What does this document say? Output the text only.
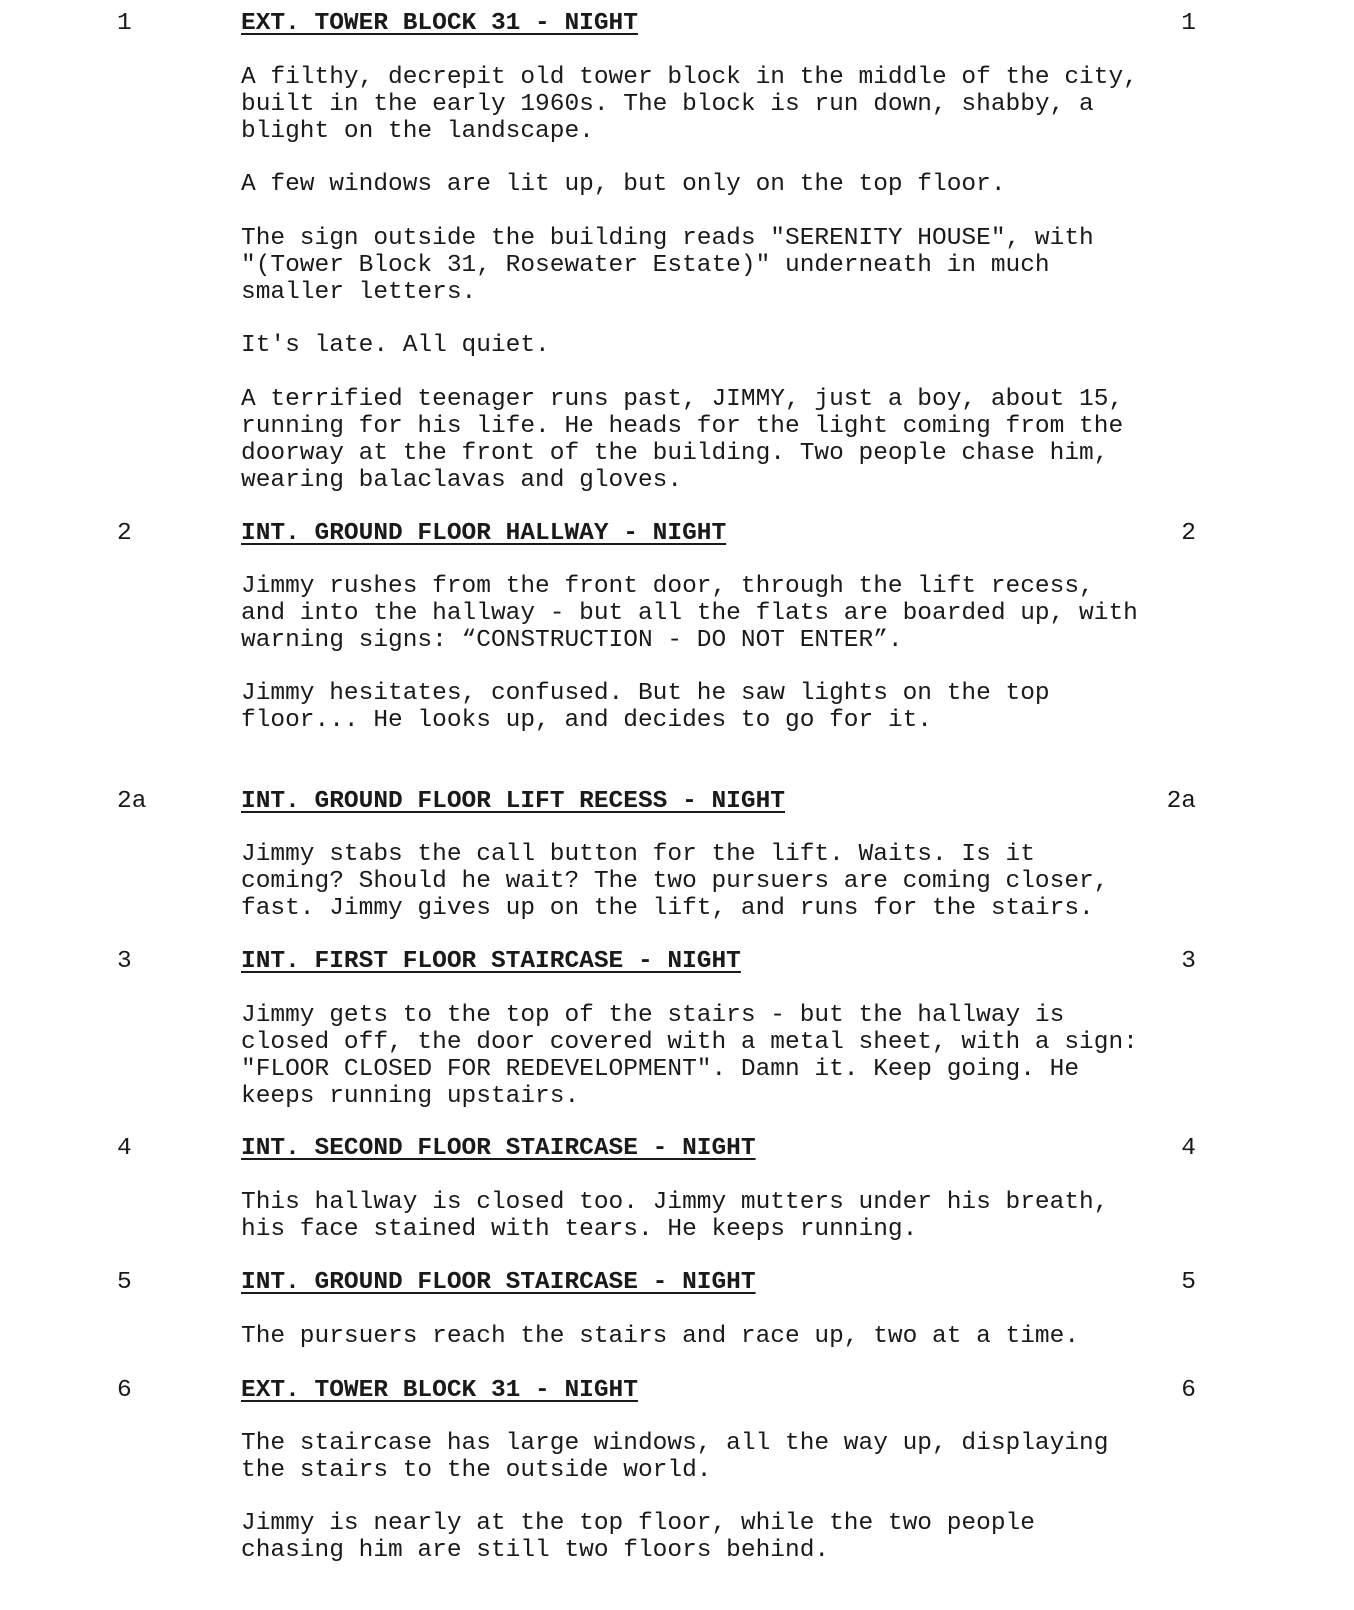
1

	EXT. TOWER BLOCK 31 - NIGHT

	1

A filthy, decrepit old tower block in the middle of the city,
built in the early 1960s. The block is run down, shabby, a
blight on the landscape.
A few windows are lit up, but only on the top floor.
The sign outside the building reads "SERENITY HOUSE", with
"(Tower Block 31, Rosewater Estate)" underneath in much
smaller letters.
It's late. All quiet.
A terrified teenager runs past, JIMMY, just a boy, about 15,
running for his life. He heads for the light coming from the
doorway at the front of the building. Two people chase him,
wearing balaclavas and gloves.

2

	INT. GROUND FLOOR HALLWAY - NIGHT

	2

Jimmy rushes from the front door, through the lift recess,
and into the hallway - but all the flats are boarded up, with
warning signs: “CONSTRUCTION - DO NOT ENTER”.
Jimmy hesitates, confused. But he saw lights on the top
floor... He looks up, and decides to go for it.

2a

	INT. GROUND FLOOR LIFT RECESS - NIGHT

	2a

Jimmy stabs the call button for the lift. Waits. Is it
coming? Should he wait? The two pursuers are coming closer,
fast. Jimmy gives up on the lift, and runs for the stairs.

3

	INT. FIRST FLOOR STAIRCASE - NIGHT

	3

Jimmy gets to the top of the stairs - but the hallway is
closed off, the door covered with a metal sheet, with a sign:
"FLOOR CLOSED FOR REDEVELOPMENT". Damn it. Keep going. He
keeps running upstairs.

4

	INT. SECOND FLOOR STAIRCASE - NIGHT

	4

This hallway is closed too. Jimmy mutters under his breath,
his face stained with tears. He keeps running.

5

	INT. GROUND FLOOR STAIRCASE - NIGHT

	5

The pursuers reach the stairs and race up, two at a time.

6

	EXT. TOWER BLOCK 31 - NIGHT

	6

The staircase has large windows, all the way up, displaying
the stairs to the outside world.
Jimmy is nearly at the top floor, while the two people
chasing him are still two floors behind.
